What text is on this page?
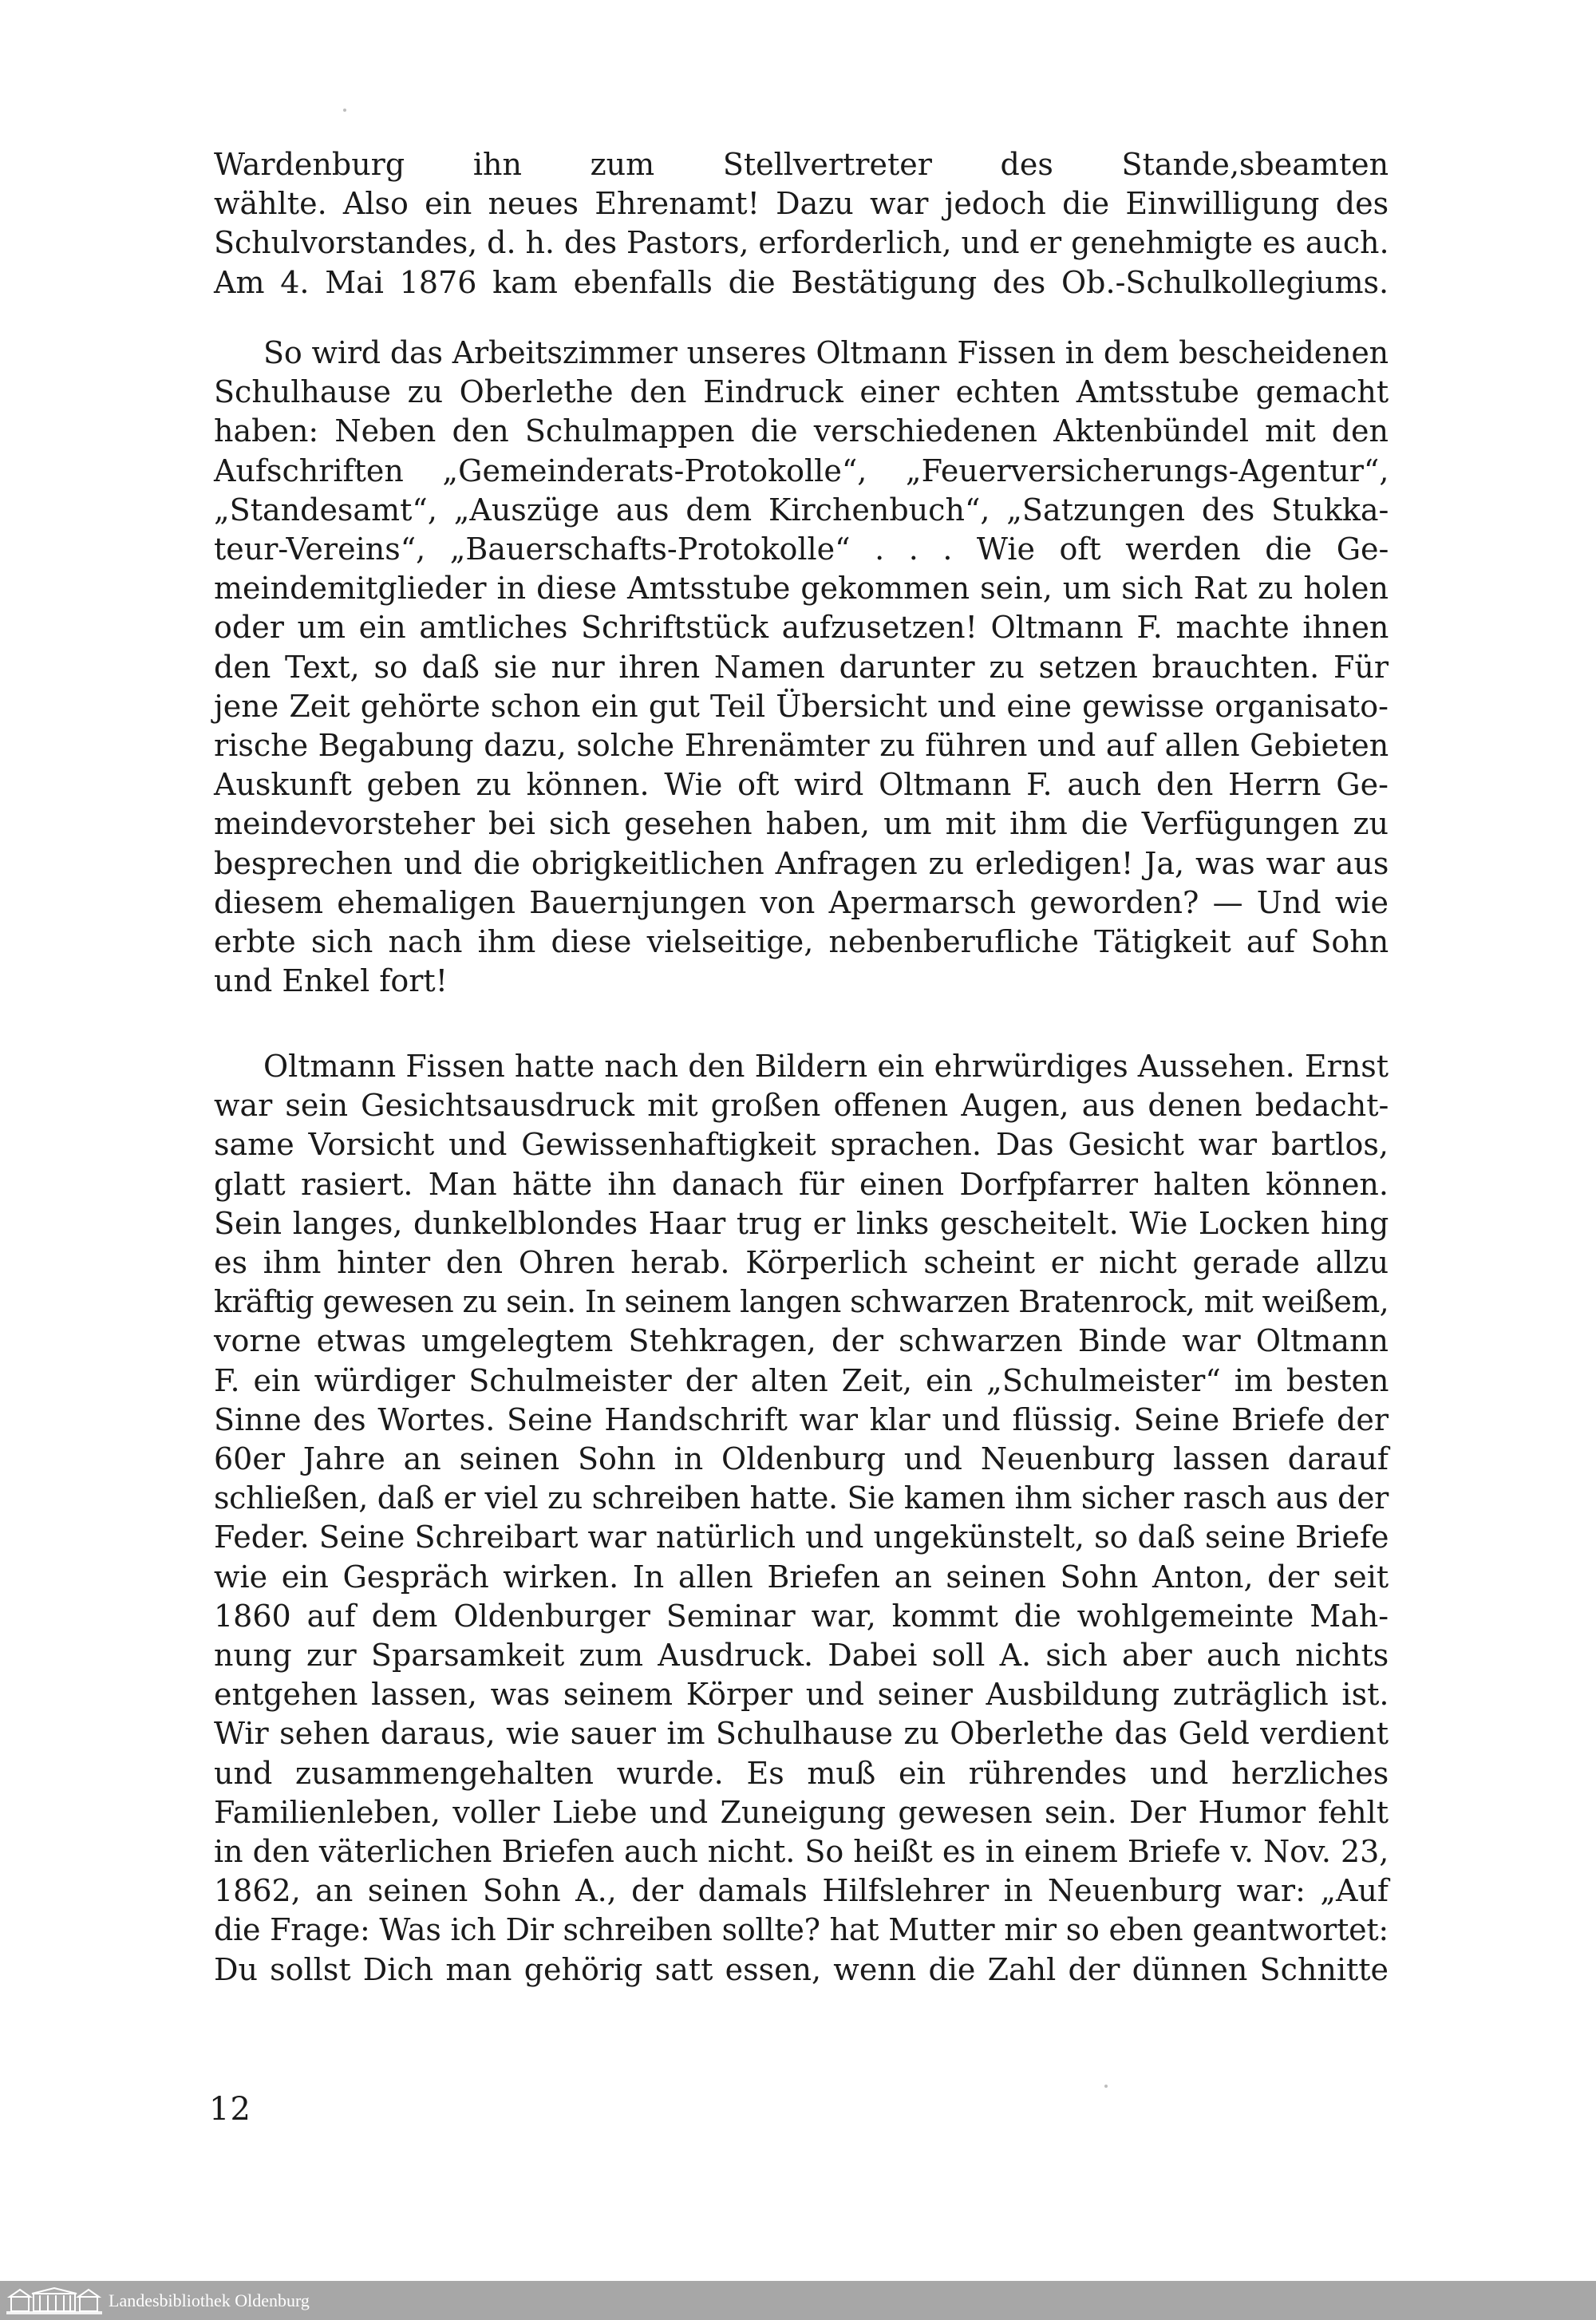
Wardenburg ihn zum Stellvertreter des Stande‚sbeamten
wählte. Also ein neues Ehrenamt! Dazu war jedoch die Einwilligung des
Schulvorstandes, d. h. des Pastors, erforderlich, und er genehmigte es auch.
Am 4. Mai 1876 kam ebenfalls die Bestätigung des Ob.-Schulkollegiums.
So wird das Arbeitszimmer unseres Oltmann Fissen in dem bescheidenen
Schulhause zu Oberlethe den Eindruck einer echten Amtsstube gemacht
haben: Neben den Schulmappen die verschiedenen Aktenbündel mit den
Aufschriften „Gemeinderats-Protokolle“, „Feuerversicherungs-Agentur“,
„Standesamt“, „Auszüge aus dem Kirchenbuch“, „Satzungen des Stukka-
teur-Vereins“, „Bauerschafts-Protokolle“ . . . Wie oft werden die Ge-
meindemitglieder in diese Amtsstube gekommen sein, um sich Rat zu holen
oder um ein amtliches Schriftstück aufzusetzen! Oltmann F. machte ihnen
den Text, so daß sie nur ihren Namen darunter zu setzen brauchten. Für
jene Zeit gehörte schon ein gut Teil Übersicht und eine gewisse organisato-
rische Begabung dazu, solche Ehrenämter zu führen und auf allen Gebieten
Auskunft geben zu können. Wie oft wird Oltmann F. auch den Herrn Ge-
meindevorsteher bei sich gesehen haben, um mit ihm die Verfügungen zu
besprechen und die obrigkeitlichen Anfragen zu erledigen! Ja, was war aus
diesem ehemaligen Bauernjungen von Apermarsch geworden? — Und wie
erbte sich nach ihm diese vielseitige, nebenberufliche Tätigkeit auf Sohn
und Enkel fort!
Oltmann Fissen hatte nach den Bildern ein ehrwürdiges Aussehen. Ernst
war sein Gesichtsausdruck mit großen offenen Augen, aus denen bedacht-
same Vorsicht und Gewissenhaftigkeit sprachen. Das Gesicht war bartlos,
glatt rasiert. Man hätte ihn danach für einen Dorfpfarrer halten können.
Sein langes, dunkelblondes Haar trug er links gescheitelt. Wie Locken hing
es ihm hinter den Ohren herab. Körperlich scheint er nicht gerade allzu
kräftig gewesen zu sein. In seinem langen schwarzen Bratenrock, mit weißem,
vorne etwas umgelegtem Stehkragen, der schwarzen Binde war Oltmann
F. ein würdiger Schulmeister der alten Zeit, ein „Schulmeister“ im besten
Sinne des Wortes. Seine Handschrift war klar und flüssig. Seine Briefe der
60er Jahre an seinen Sohn in Oldenburg und Neuenburg lassen darauf
schließen, daß er viel zu schreiben hatte. Sie kamen ihm sicher rasch aus der
Feder. Seine Schreibart war natürlich und ungekünstelt, so daß seine Briefe
wie ein Gespräch wirken. In allen Briefen an seinen Sohn Anton, der seit
1860 auf dem Oldenburger Seminar war, kommt die wohlgemeinte Mah-
nung zur Sparsamkeit zum Ausdruck. Dabei soll A. sich aber auch nichts
entgehen lassen, was seinem Körper und seiner Ausbildung zuträglich ist.
Wir sehen daraus, wie sauer im Schulhause zu Oberlethe das Geld verdient
und zusammengehalten wurde. Es muß ein rührendes und herzliches
Familienleben, voller Liebe und Zuneigung gewesen sein. Der Humor fehlt
in den väterlichen Briefen auch nicht. So heißt es in einem Briefe v. Nov. 23,
1862, an seinen Sohn A., der damals Hilfslehrer in Neuenburg war: „Auf
die Frage: Was ich Dir schreiben sollte? hat Mutter mir so eben geantwortet:
Du sollst Dich man gehörig satt essen, wenn die Zahl der dünnen Schnitte
12
Landesbibliothek Oldenburg
